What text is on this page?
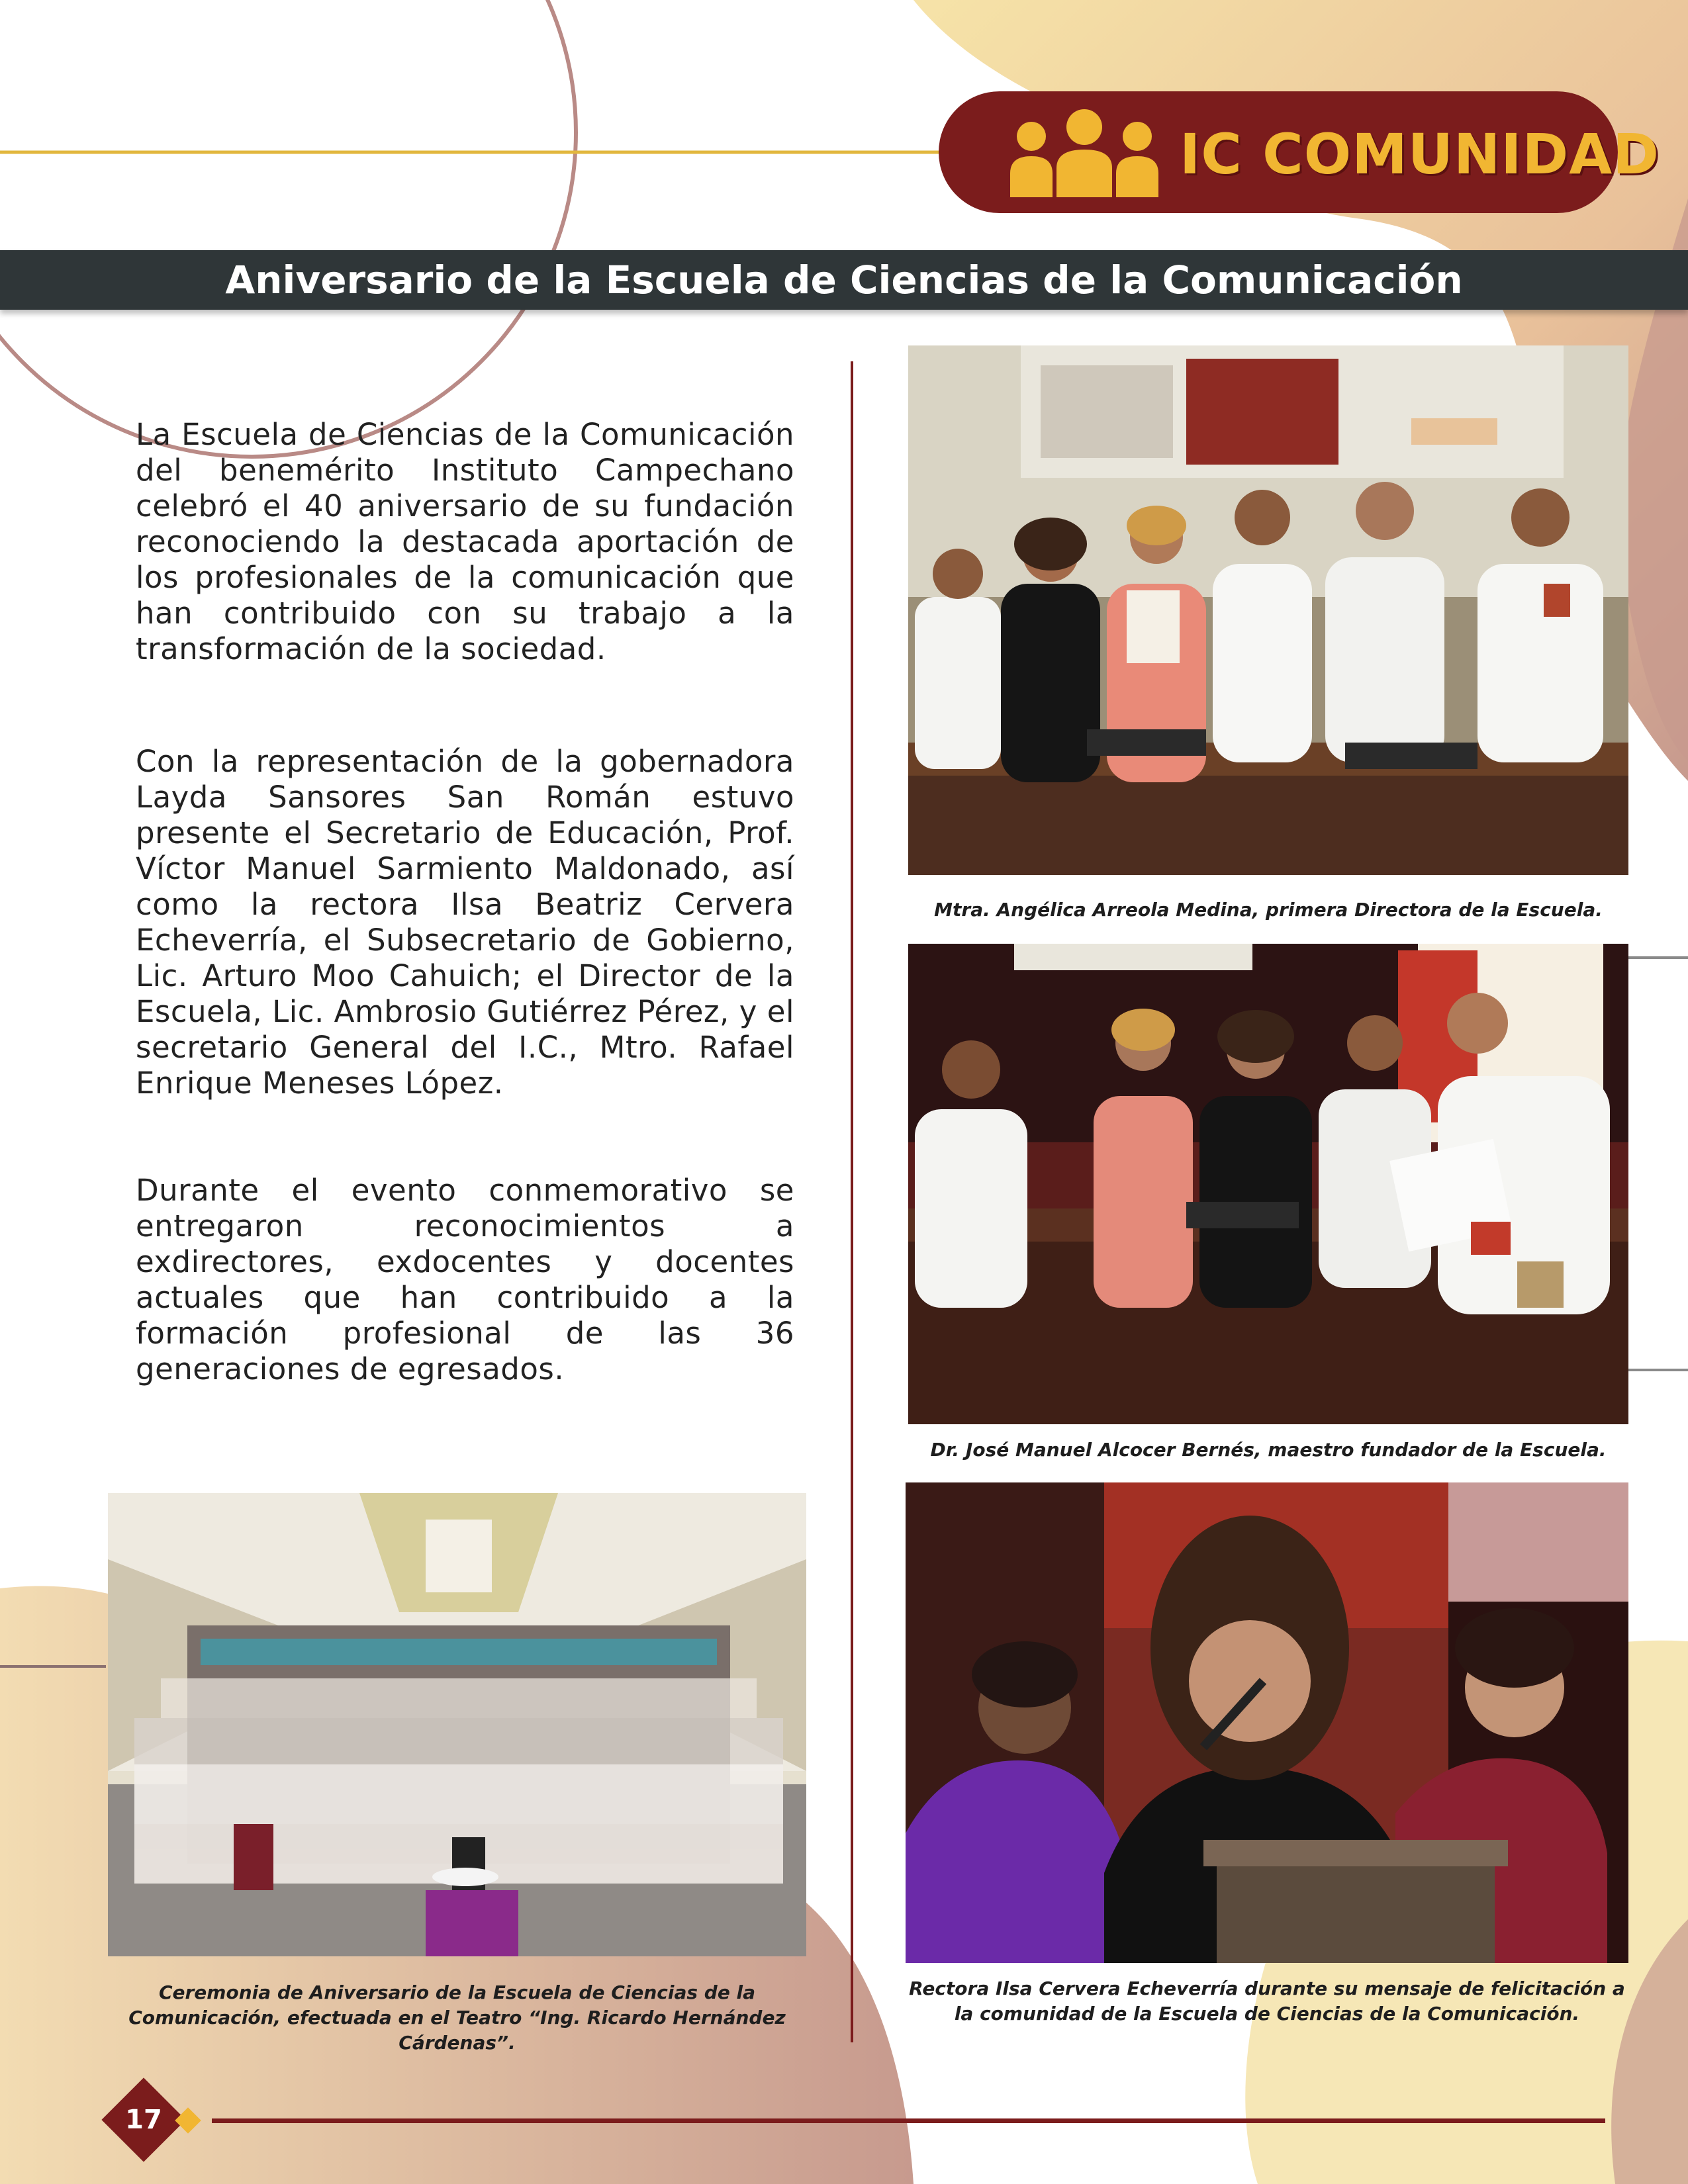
IC COMUNIDAD
Aniversario de la Escuela de Ciencias de la Comunicación
La Escuela de Ciencias de la Comunicación del benemérito Instituto Campechano celebró el 40 aniversario de su fundación reconociendo la destacada aportación de los profesionales de la comunicación que han contribuido con su trabajo a la transformación de la sociedad.
Con la representación de la gobernadora Layda Sansores San Román estuvo presente el Secretario de Educación, Prof. Víctor Manuel Sarmiento Maldonado, así como la rectora Ilsa Beatriz Cervera Echeverría, el Subsecretario de Gobierno, Lic. Arturo Moo Cahuich; el Director de la Escuela, Lic. Ambrosio Gutiérrez Pérez, y el secretario General del I.C., Mtro. Rafael Enrique Meneses López.
Durante el evento conmemorativo se entregaron reconocimientos a exdirectores, exdocentes y docentes actuales que han contribuido a la formación profesional de las 36 generaciones de egresados.
Mtra. Angélica Arreola Medina, primera Directora de la Escuela.
Dr. José Manuel Alcocer Bernés, maestro fundador de la Escuela.
Rectora Ilsa Cervera Echeverría durante su mensaje de felicitación a la comunidad de la Escuela de Ciencias de la Comunicación.
Ceremonia de Aniversario de la Escuela de Ciencias de la Comunicación, efectuada en el Teatro “Ing. Ricardo Hernández Cárdenas”.
17
